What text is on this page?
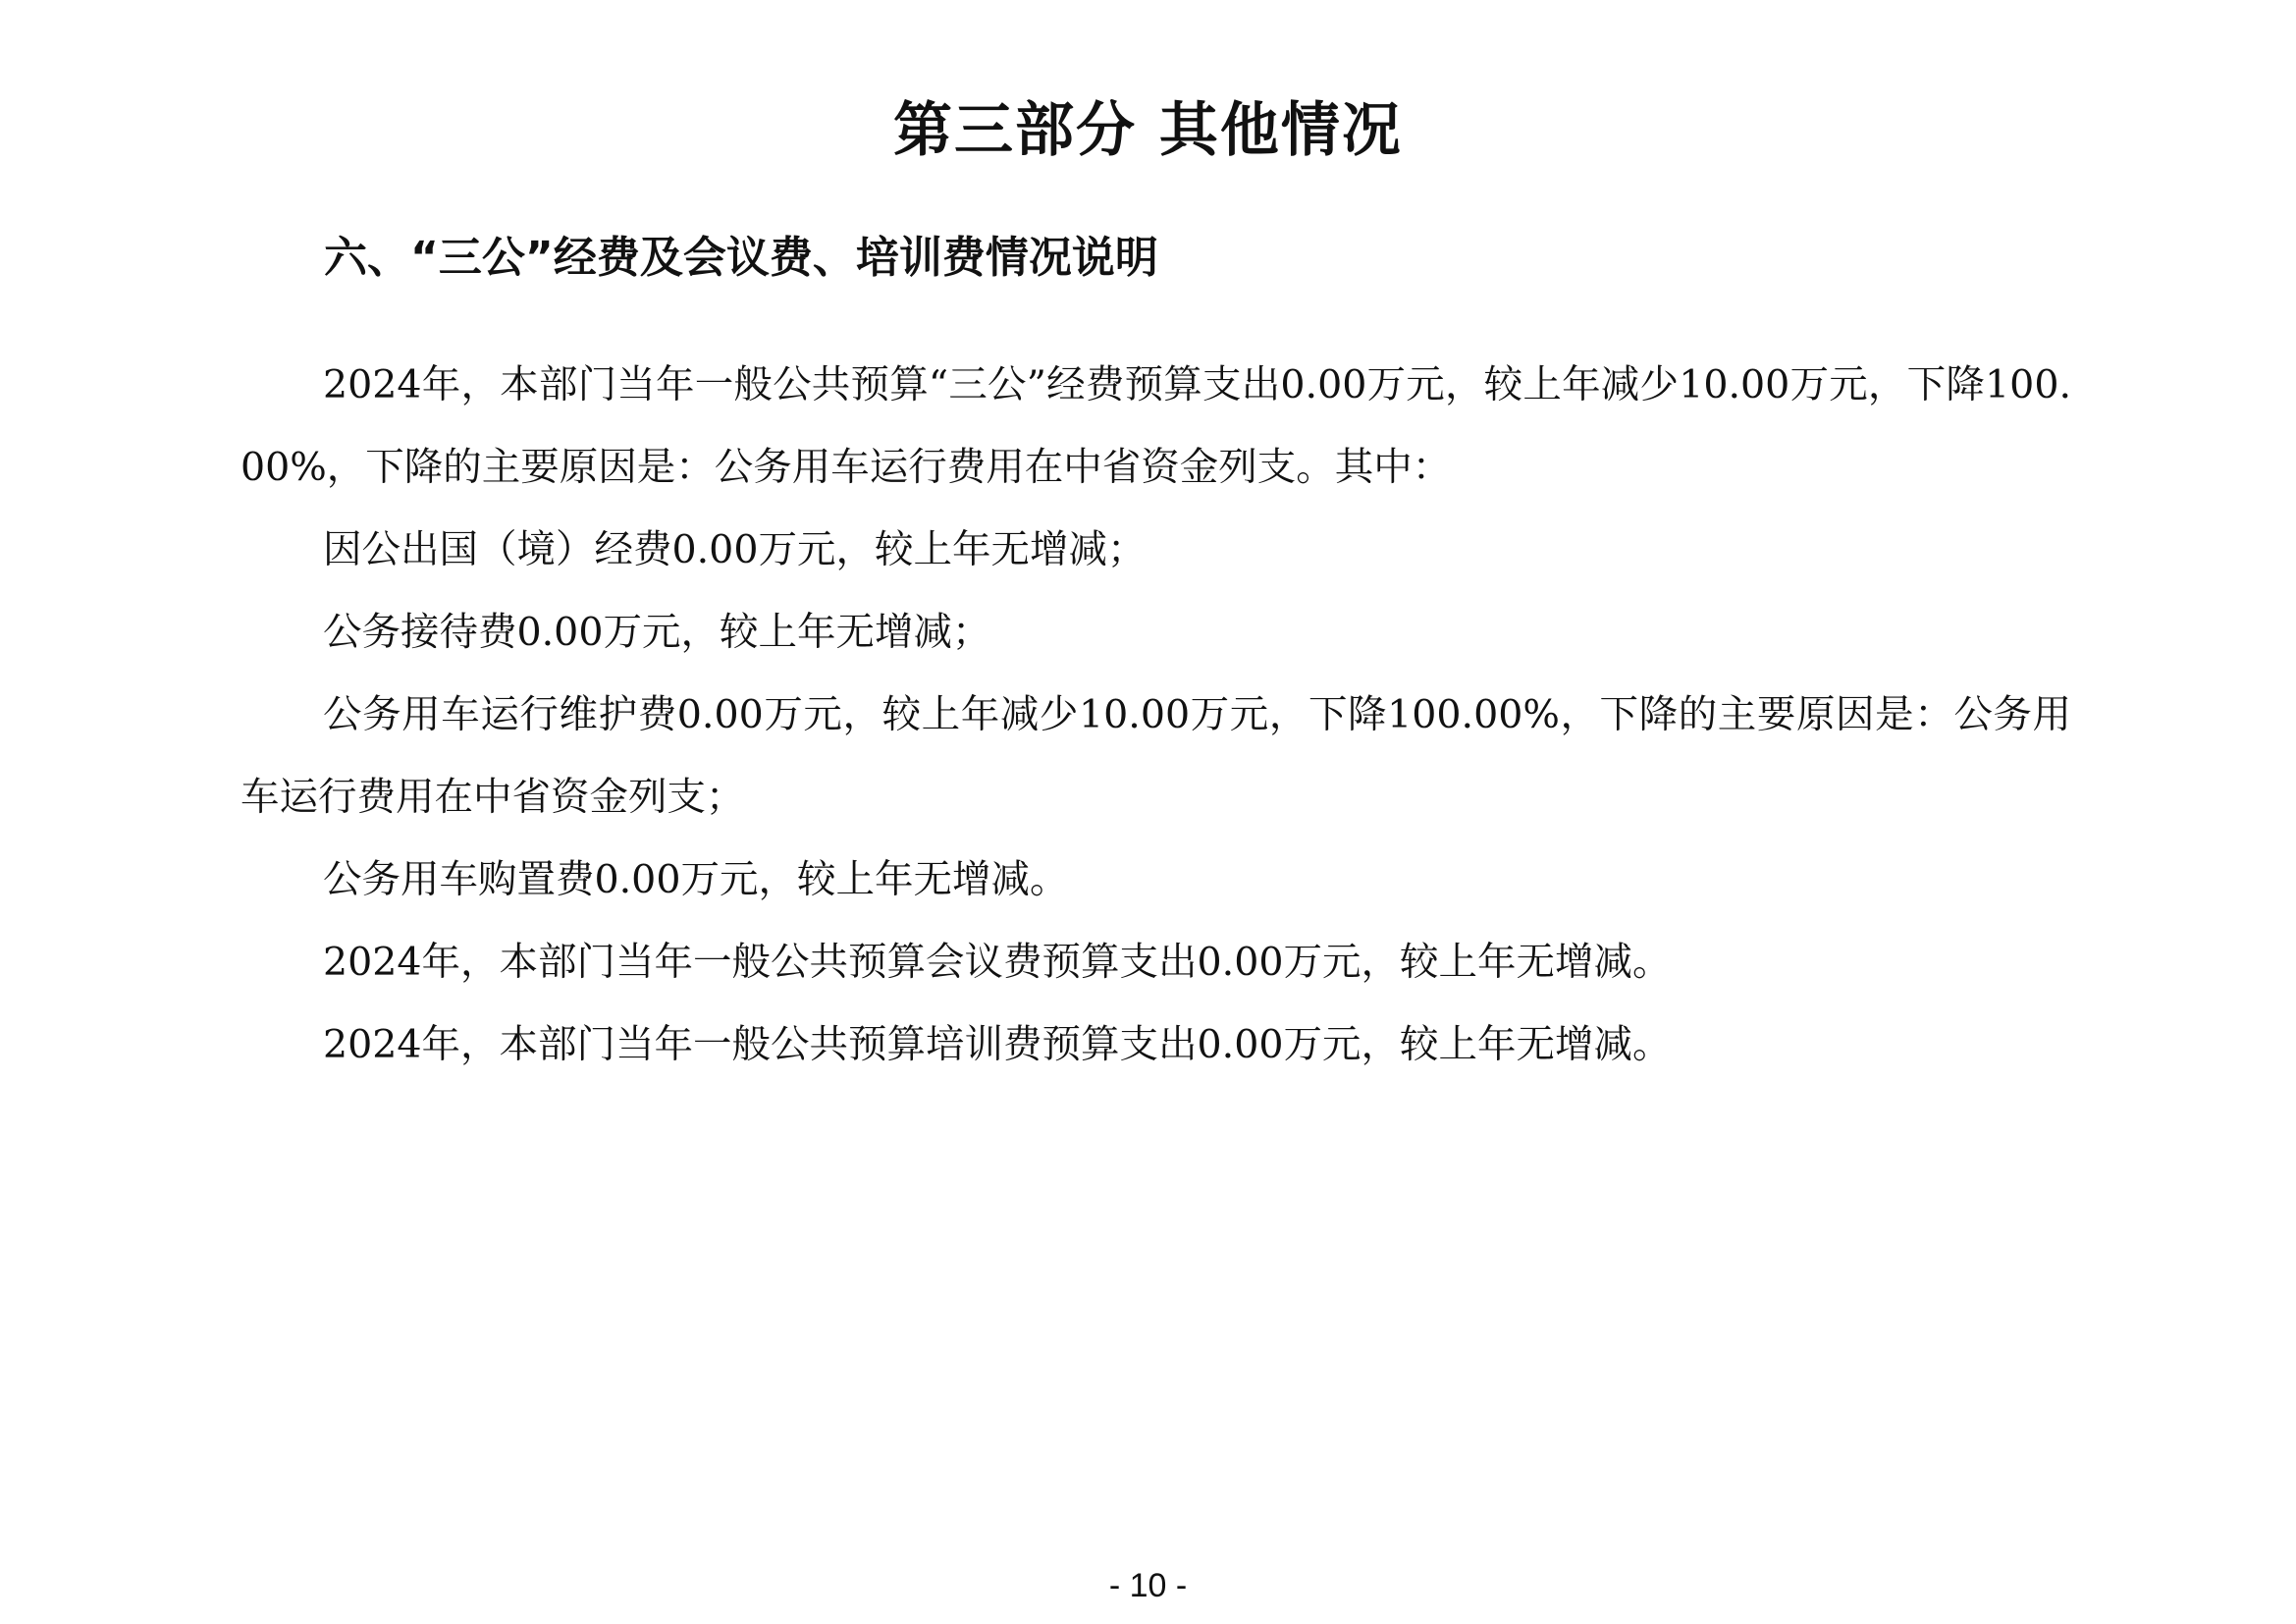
第三部分 其他情况
六、“三公”经费及会议费、培训费情况说明

2024年，本部门当年一般公共预算“三公”经费预算支出0.00万元，较上年减少10.00万元，下降100.00%，下降的主要原因是：公务用车运行费用在中省资金列支。其中：

因公出国（境）经费0.00万元，较上年无增减；

公务接待费0.00万元，较上年无增减；

公务用车运行维护费0.00万元，较上年减少10.00万元，下降100.00%，下降的主要原因是：公务用车运行费用在中省资金列支；

公务用车购置费0.00万元，较上年无增减。

2024年，本部门当年一般公共预算会议费预算支出0.00万元，较上年无增减。

2024年，本部门当年一般公共预算培训费预算支出0.00万元，较上年无增减。

- 10 -
